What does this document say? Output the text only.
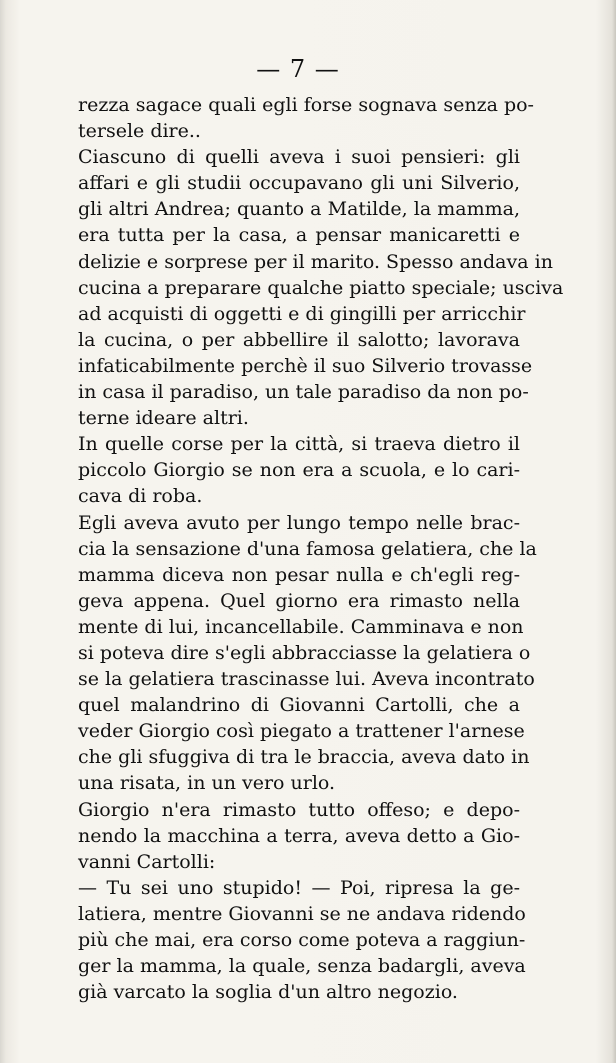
— 7 —
rezza sagace quali egli forse sognava senza po-
tersele dire..
Ciascuno di quelli aveva i suoi pensieri: gli
affari e gli studii occupavano gli uni Silverio,
gli altri Andrea; quanto a Matilde, la mamma,
era tutta per la casa, a pensar manicaretti e
delizie e sorprese per il marito. Spesso andava in
cucina a preparare qualche piatto speciale; usciva
ad acquisti di oggetti e di gingilli per arricchir
la cucina, o per abbellire il salotto; lavorava
infaticabilmente perchè il suo Silverio trovasse
in casa il paradiso, un tale paradiso da non po-
terne ideare altri.
In quelle corse per la città, si traeva dietro il
piccolo Giorgio se non era a scuola, e lo cari-
cava di roba.
Egli aveva avuto per lungo tempo nelle brac-
cia la sensazione d'una famosa gelatiera, che la
mamma diceva non pesar nulla e ch'egli reg-
geva appena. Quel giorno era rimasto nella
mente di lui, incancellabile. Camminava e non
si poteva dire s'egli abbracciasse la gelatiera o
se la gelatiera trascinasse lui. Aveva incontrato
quel malandrino di Giovanni Cartolli, che a
veder Giorgio così piegato a trattener l'arnese
che gli sfuggiva di tra le braccia, aveva dato in
una risata, in un vero urlo.
Giorgio n'era rimasto tutto offeso; e depo-
nendo la macchina a terra, aveva detto a Gio-
vanni Cartolli:
— Tu sei uno stupido! — Poi, ripresa la ge-
latiera, mentre Giovanni se ne andava ridendo
più che mai, era corso come poteva a raggiun-
ger la mamma, la quale, senza badargli, aveva
già varcato la soglia d'un altro negozio.
